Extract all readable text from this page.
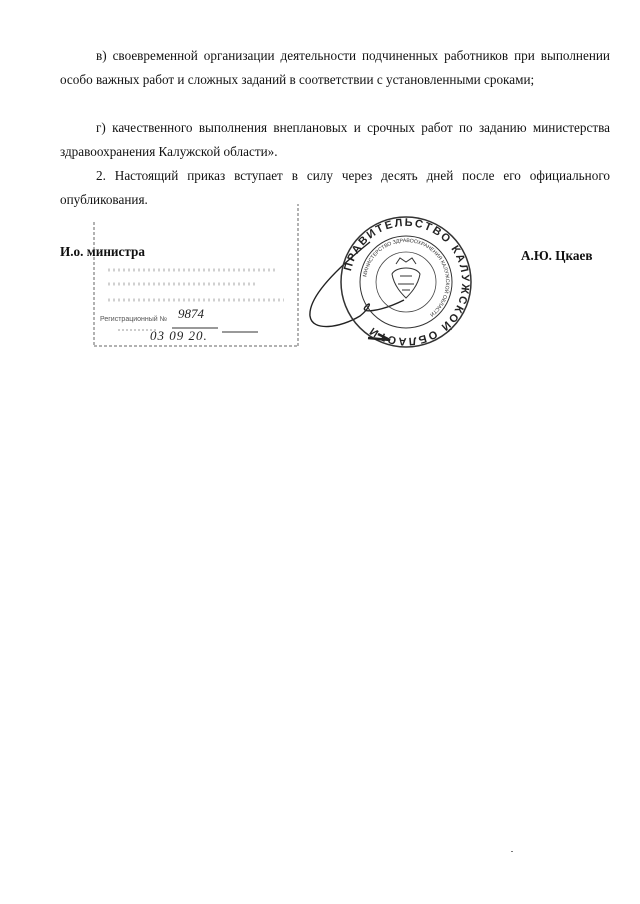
в) своевременной организации деятельности подчиненных работников при выполнении особо важных работ и сложных заданий в соответствии с установленными сроками;

г) качественного выполнения внеплановых и срочных работ по заданию министерства здравоохранения Калужской области».

2. Настоящий приказ вступает в силу через десять дней после его официального опубликования.

Регистрационный № 9874
03 09 20.
И.о. министра
ПРАВИТЕЛЬСТВО КАЛУЖСКОЙ ОБЛАСТИ
МИНИСТЕРСТВО ЗДРАВООХРАНЕНИЯ КАЛУЖСКОЙ ОБЛАСТИ
А.Ю. Цкаев
